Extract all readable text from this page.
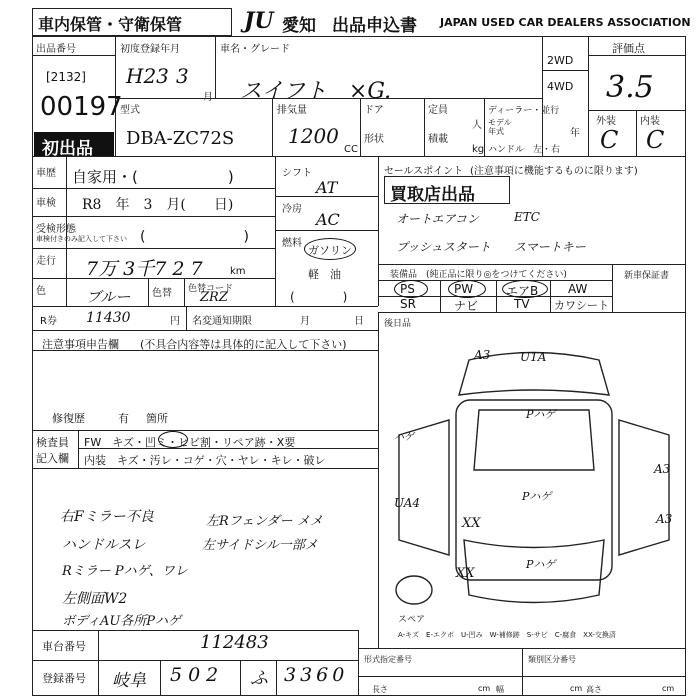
車内保管・守衛保管	JU 愛知 出品申込書 JAPAN USED CAR DEALERS ASSOCIATION
出品番号
[2132]
00197
初出品
初度登録年月
H23 3
月
車名・グレード
スイフト　×G.
2WD
4WD
評価点
3.5
外装 内装
C C
型式
DBA-ZC72S
排気量
1200
CC
ドア
形状
定員
人
積載
kg
ディーラー・並行
モデル
年式	年
ハンドル　左・右
車歴 自家用・(　　　　　　)
車検 R8　年　3　月(　　日)
受検形態
車検付きのみ記入して下さい (　　　　　　　)
走行 7万 3千7 2 7	km
色	ブルー 色替 色替コード
ZRZ
シフト
AT
冷房
AC
燃料
ガソリン
軽　油
(　　　　)
セールスポイント (注意事項に機能するものに限ります)
買取店出品
オートエアコン	ETC
プッシュスタート スマートキー
装備品 (純正品に限り◎をつけてください)	新車保証書
PS	PW	エアB AW
SR	ナビ	TV カワシート
R券 11430	円 名変通知期限	月	日 後日品
注意事項申告欄 (不具合内容等は具体的に記入して下さい)
修復歴	有 箇所
検査員
記入欄
FW　キズ・凹ミ・ヒビ割・リペア跡・X要
内装　キズ・汚レ・コゲ・穴・ヤレ・キレ・破レ
右Fミラー不良	左Rフェンダー メメ
ハンドルスレ	左サイドシル一部メ
Rミラー Pハゲ、ワレ
左側面W2
ボディAU各所Pハゲ
A3 U1A
Pハゲ
Pハゲ
Pハゲ
A3
UA4
A3
XX
XX
スペア
ハゲ
A-キズ　E-エクボ　U-凹み　W-補修跡　S-サビ　C-腐食　XX-交換済
車台番号	112483
登録番号 岐阜 502 ふ 3360
形式指定番号	類別区分番号
長さ	cm 幅	cm 高さ	cm
